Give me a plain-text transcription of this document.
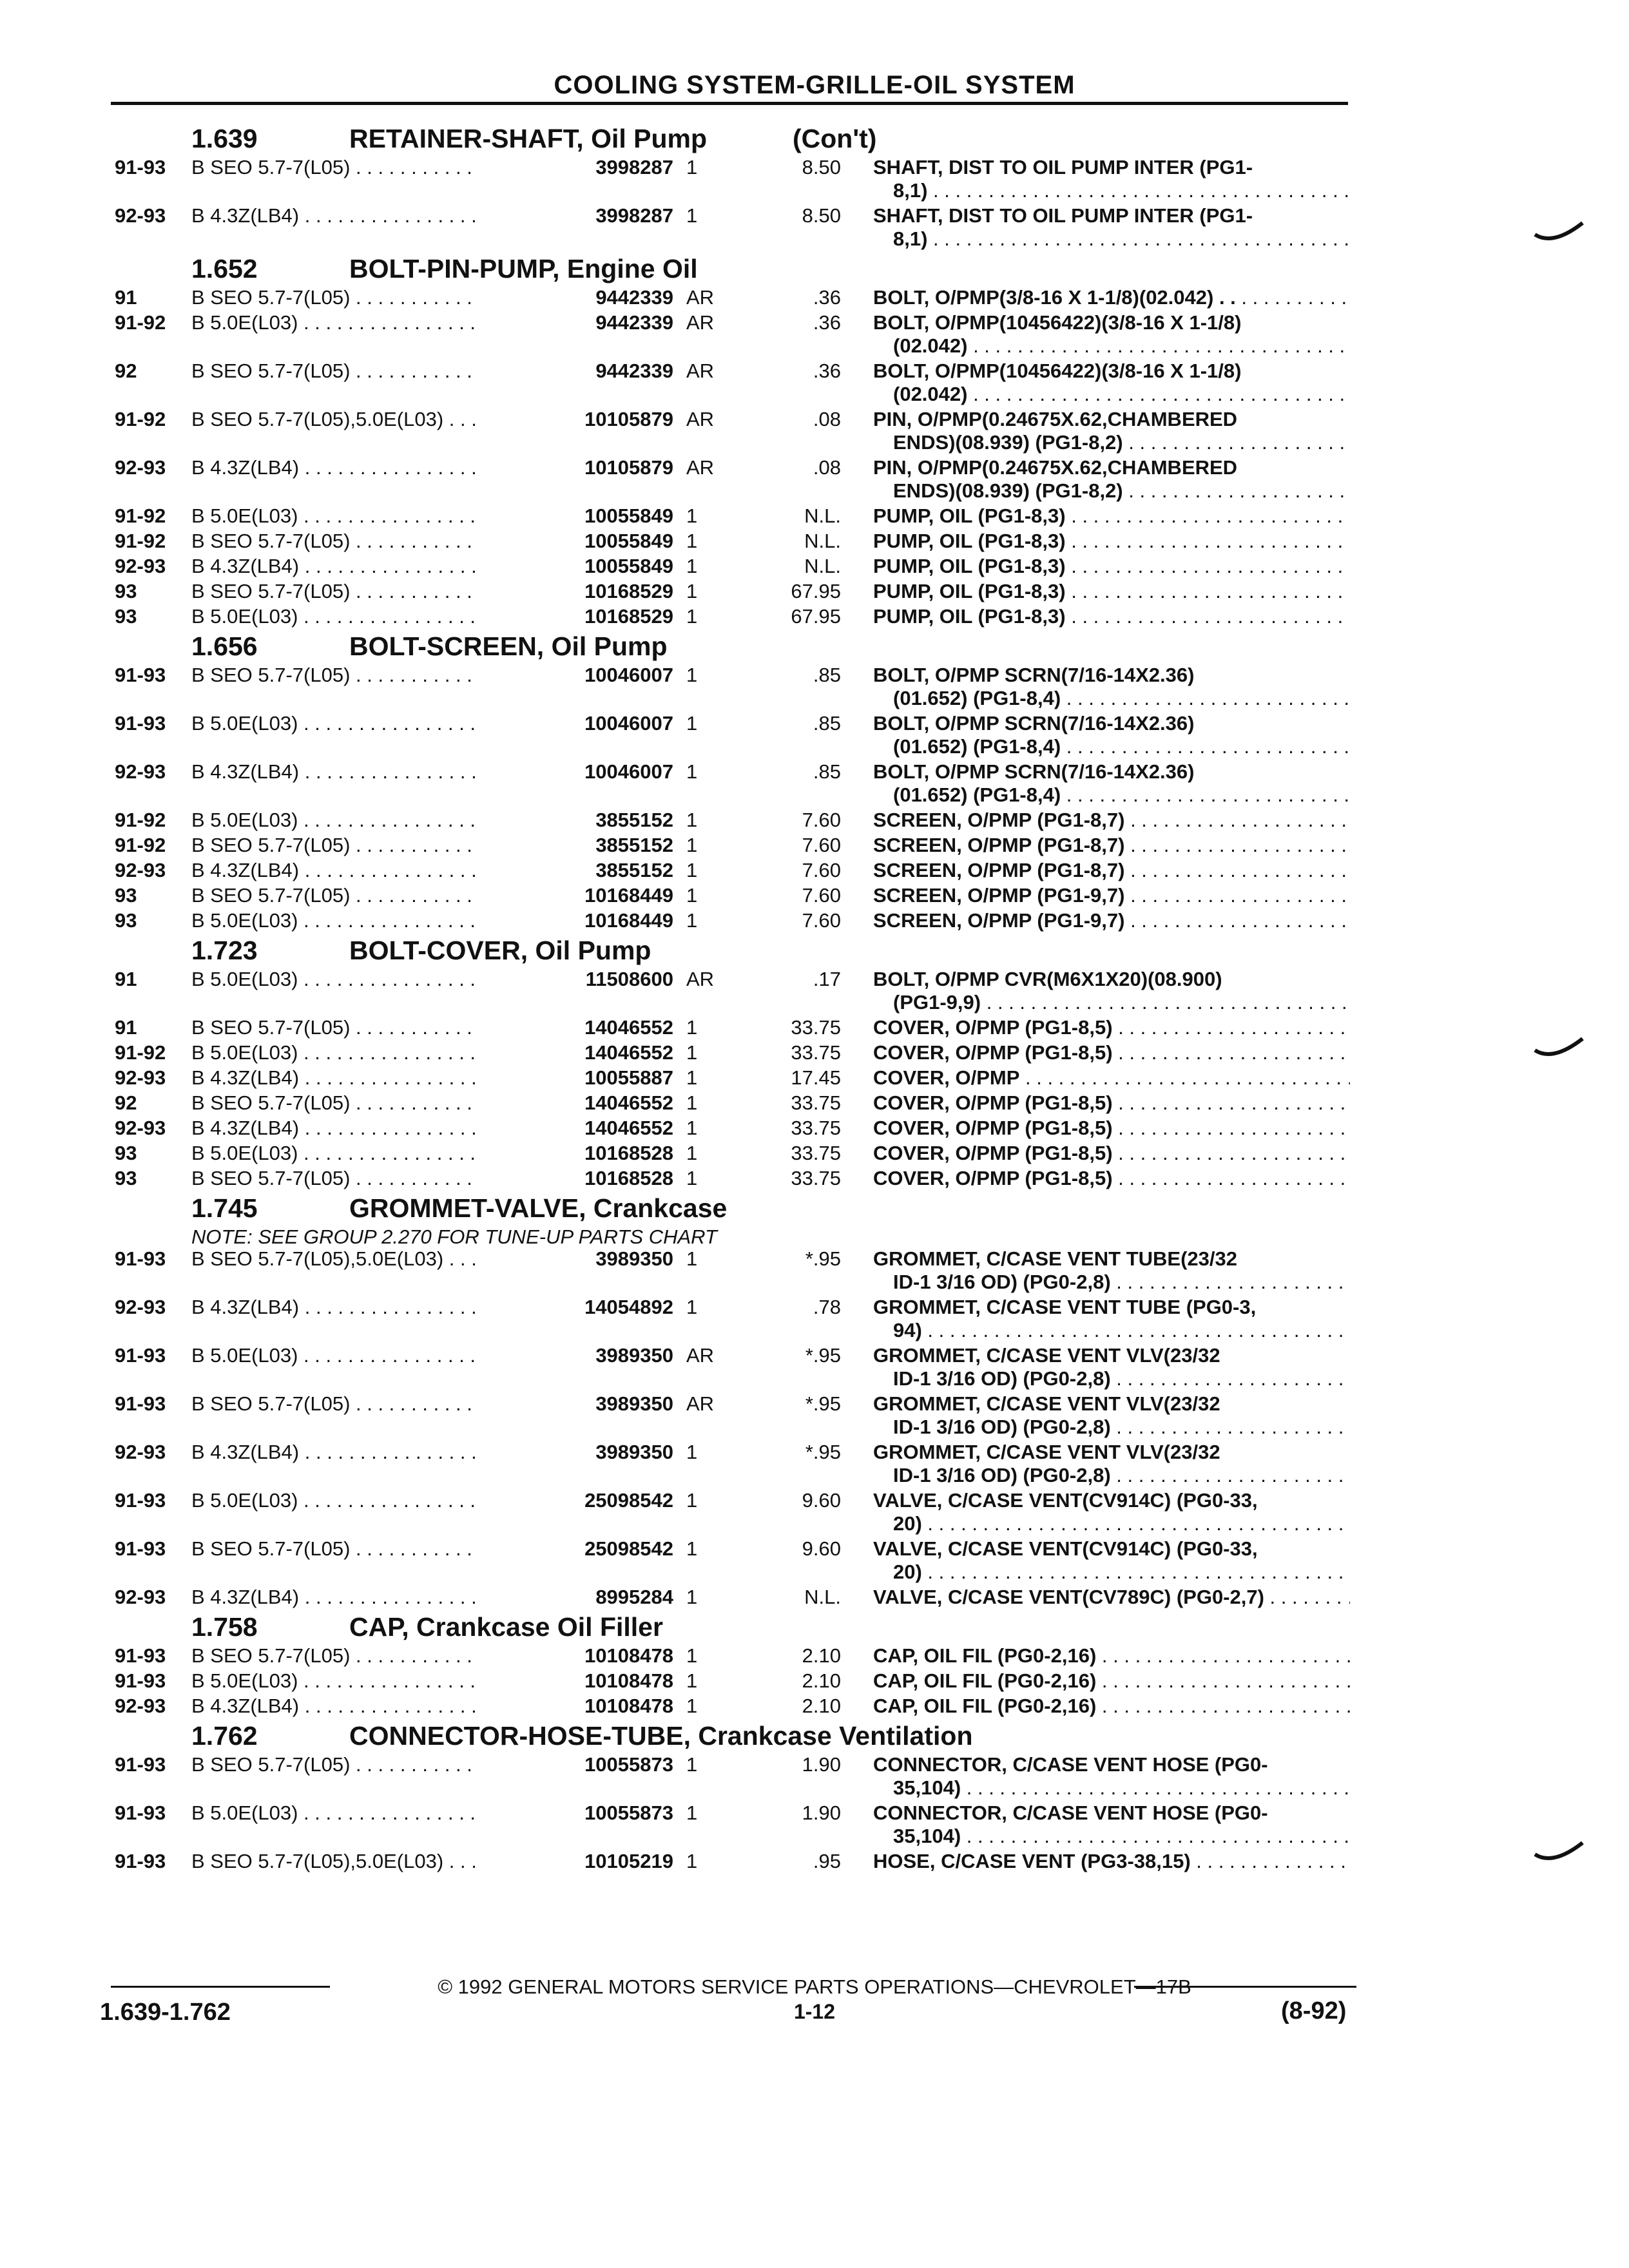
COOLING SYSTEM-GRILLE-OIL SYSTEM
1.639	RETAINER-SHAFT, Oil Pump	(Con't)
91-93 B SEO 5.7-7(L05) . . . . . . . . . . .	3998287 1	8.50 SHAFT, DIST TO OIL PUMP INTER (PG1-
8,1) . . .
92-93 B 4.3Z(LB4) . . . . . . . . . . . . . . . .	3998287 1	8.50 SHAFT, DIST TO OIL PUMP INTER (PG1-
8,1) . . .
1.652	BOLT-PIN-PUMP, Engine Oil
91	B SEO 5.7-7(L05) . . . . . . . . . . .	9442339 AR	.36 BOLT, O/PMP(3/8-16 X 1-1/8)(02.042) . . . . .
91-92 B 5.0E(L03) . . . . . . . . . . . . . . . .	9442339 AR	.36 BOLT, O/PMP(10456422)(3/8-16 X 1-1/8)
(02.042) . . .
92	B SEO 5.7-7(L05) . . . . . . . . . . .	9442339 AR	.36 BOLT, O/PMP(10456422)(3/8-16 X 1-1/8)
(02.042) . . .
91-92 B SEO 5.7-7(L05),5.0E(L03) . . .	10105879 AR	.08 PIN, O/PMP(0.24675X.62,CHAMBERED
ENDS)(08.939) (PG1-8,2) . . .
92-93 B 4.3Z(LB4) . . . . . . . . . . . . . . . .	10105879 AR	.08 PIN, O/PMP(0.24675X.62,CHAMBERED
ENDS)(08.939) (PG1-8,2) . . .
91-92 B 5.0E(L03) . . . . . . . . . . . . . . . .	10055849 1	N.L. PUMP, OIL (PG1-8,3) . . .
91-92 B SEO 5.7-7(L05) . . . . . . . . . . .	10055849 1	N.L. PUMP, OIL (PG1-8,3) . . .
92-93 B 4.3Z(LB4) . . . . . . . . . . . . . . . .	10055849 1	N.L. PUMP, OIL (PG1-8,3) . . .
93	B SEO 5.7-7(L05) . . . . . . . . . . .	10168529 1	67.95 PUMP, OIL (PG1-8,3) . . .
93	B 5.0E(L03) . . . . . . . . . . . . . . . .	10168529 1	67.95 PUMP, OIL (PG1-8,3) . . .
1.656	BOLT-SCREEN, Oil Pump
91-93 B SEO 5.7-7(L05) . . . . . . . . . . .	10046007 1	.85 BOLT, O/PMP SCRN(7/16-14X2.36)
(01.652) (PG1-8,4) . . .
91-93 B 5.0E(L03) . . . . . . . . . . . . . . . .	10046007 1	.85 BOLT, O/PMP SCRN(7/16-14X2.36)
(01.652) (PG1-8,4) . . .
92-93 B 4.3Z(LB4) . . . . . . . . . . . . . . . .	10046007 1	.85 BOLT, O/PMP SCRN(7/16-14X2.36)
(01.652) (PG1-8,4) . . .
91-92 B 5.0E(L03) . . . . . . . . . . . . . . . .	3855152 1	7.60 SCREEN, O/PMP (PG1-8,7) . . .
91-92 B SEO 5.7-7(L05) . . . . . . . . . . .	3855152 1	7.60 SCREEN, O/PMP (PG1-8,7) . . .
92-93 B 4.3Z(LB4) . . . . . . . . . . . . . . . .	3855152 1	7.60 SCREEN, O/PMP (PG1-8,7) . . .
93	B SEO 5.7-7(L05) . . . . . . . . . . .	10168449 1	7.60 SCREEN, O/PMP (PG1-9,7) . . .
93	B 5.0E(L03) . . . . . . . . . . . . . . . .	10168449 1	7.60 SCREEN, O/PMP (PG1-9,7) . . .
1.723	BOLT-COVER, Oil Pump
91	B 5.0E(L03) . . . . . . . . . . . . . . . .	11508600 AR	.17 BOLT, O/PMP CVR(M6X1X20)(08.900)
(PG1-9,9) . . .
91	B SEO 5.7-7(L05) . . . . . . . . . . .	14046552 1	33.75 COVER, O/PMP (PG1-8,5) . . .
91-92 B 5.0E(L03) . . . . . . . . . . . . . . . .	14046552 1	33.75 COVER, O/PMP (PG1-8,5) . . .
92-93 B 4.3Z(LB4) . . . . . . . . . . . . . . . .	10055887 1	17.45 COVER, O/PMP . . .
92	B SEO 5.7-7(L05) . . . . . . . . . . .	14046552 1	33.75 COVER, O/PMP (PG1-8,5) . . .
92-93 B 4.3Z(LB4) . . . . . . . . . . . . . . . .	14046552 1	33.75 COVER, O/PMP (PG1-8,5) . . .
93	B 5.0E(L03) . . . . . . . . . . . . . . . .	10168528 1	33.75 COVER, O/PMP (PG1-8,5) . . .
93	B SEO 5.7-7(L05) . . . . . . . . . . .	10168528 1	33.75 COVER, O/PMP (PG1-8,5) . . .
1.745	GROMMET-VALVE, Crankcase
NOTE: SEE GROUP 2.270 FOR TUNE-UP PARTS CHART
91-93 B SEO 5.7-7(L05),5.0E(L03) . . .	3989350 1	*.95 GROMMET, C/CASE VENT TUBE(23/32
ID-1 3/16 OD) (PG0-2,8) . . .
92-93 B 4.3Z(LB4) . . . . . . . . . . . . . . . .	14054892 1	.78 GROMMET, C/CASE VENT TUBE (PG0-3,
94) . . .
91-93 B 5.0E(L03) . . . . . . . . . . . . . . . .	3989350 AR	*.95 GROMMET, C/CASE VENT VLV(23/32
ID-1 3/16 OD) (PG0-2,8) . . .
91-93 B SEO 5.7-7(L05) . . . . . . . . . . .	3989350 AR	*.95 GROMMET, C/CASE VENT VLV(23/32
ID-1 3/16 OD) (PG0-2,8) . . .
92-93 B 4.3Z(LB4) . . . . . . . . . . . . . . . .	3989350 1	*.95 GROMMET, C/CASE VENT VLV(23/32
ID-1 3/16 OD) (PG0-2,8) . . .
91-93 B 5.0E(L03) . . . . . . . . . . . . . . . .	25098542 1	9.60 VALVE, C/CASE VENT(CV914C) (PG0-33,
20) . . .
91-93 B SEO 5.7-7(L05) . . . . . . . . . . .	25098542 1	9.60 VALVE, C/CASE VENT(CV914C) (PG0-33,
20) . . .
92-93 B 4.3Z(LB4) . . . . . . . . . . . . . . . .	8995284 1	N.L. VALVE, C/CASE VENT(CV789C) (PG0-2,7) . . .
1.758	CAP, Crankcase Oil Filler
91-93 B SEO 5.7-7(L05) . . . . . . . . . . .	10108478 1	2.10 CAP, OIL FIL (PG0-2,16) . . .
91-93 B 5.0E(L03) . . . . . . . . . . . . . . . .	10108478 1	2.10 CAP, OIL FIL (PG0-2,16) . . .
92-93 B 4.3Z(LB4) . . . . . . . . . . . . . . . .	10108478 1	2.10 CAP, OIL FIL (PG0-2,16) . . .
1.762	CONNECTOR-HOSE-TUBE, Crankcase Ventilation
91-93 B SEO 5.7-7(L05) . . . . . . . . . . .	10055873 1	1.90 CONNECTOR, C/CASE VENT HOSE (PG0-
35,104) . . .
91-93 B 5.0E(L03) . . . . . . . . . . . . . . . .	10055873 1	1.90 CONNECTOR, C/CASE VENT HOSE (PG0-
35,104) . . .
91-93 B SEO 5.7-7(L05),5.0E(L03) . . .	10105219 1	.95 HOSE, C/CASE VENT (PG3-38,15) . . .
© 1992 GENERAL MOTORS SERVICE PARTS OPERATIONS—CHEVROLET—17B
1.639-1.762	1-12	(8-92)
